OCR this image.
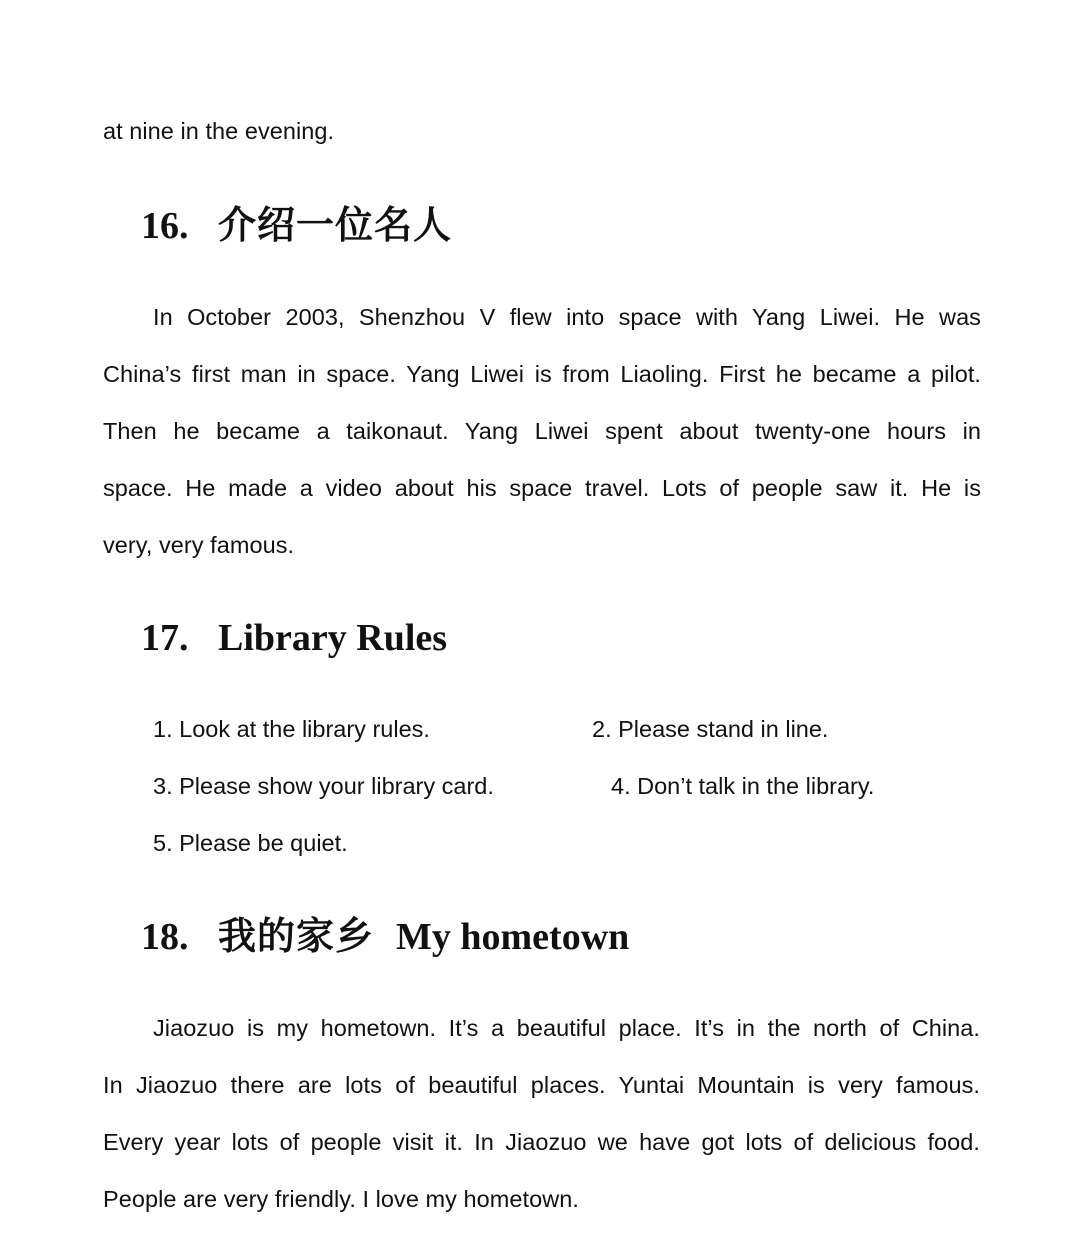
at nine in the evening.
16. 介绍一位名人
In October 2003, Shenzhou V flew into space with Yang Liwei. He was
China’s first man in space. Yang Liwei is from Liaoling. First he became a pilot.
Then he became a taikonaut. Yang Liwei spent about twenty-one hours in
space. He made a video about his space travel. Lots of people saw it. He is
very, very famous.
17. Library Rules
1. Look at the library rules.	2. Please stand in line.
3. Please show your library card.	4. Don’t talk in the library.
5. Please be quiet.
18. 我的家乡 My hometown
Jiaozuo is my hometown. It’s a beautiful place. It’s in the north of China.
In Jiaozuo there are lots of beautiful places. Yuntai Mountain is very famous.
Every year lots of people visit it. In Jiaozuo we have got lots of delicious food.
People are very friendly. I love my hometown.
